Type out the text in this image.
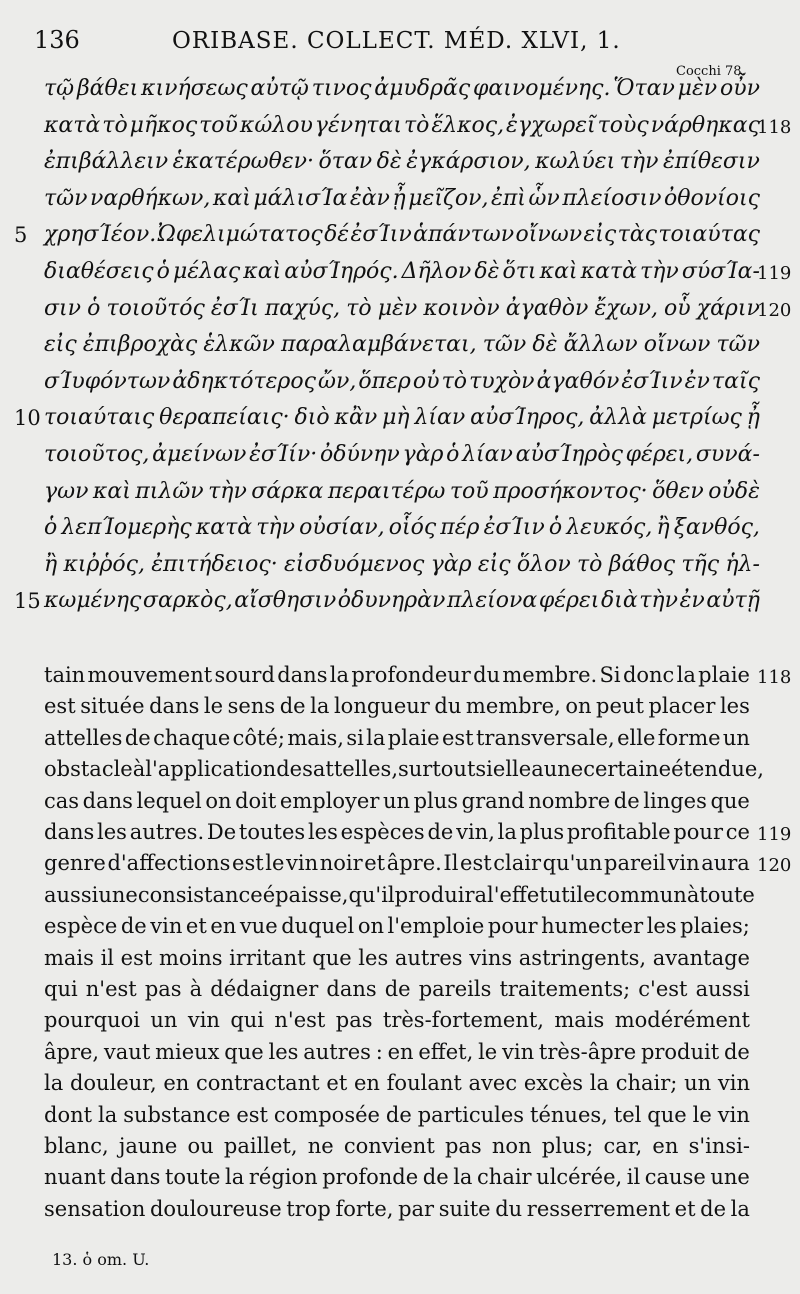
136	ORIBASE. COLLECT. MÉD. XLVI, 1.
Cocchi 78.
τῷ βάθει κινήσεως αὐτῷ τινος ἀμυδρᾶς φαινομένης. Ὅταν μὲν οὖν
κατὰ τὸ μῆκος τοῦ κώλου γένηται τὸ ἕλκος, ἐγχωρεῖ τοὺς νάρθηκας
118
ἐπιβάλλειν ἑκατέρωθεν· ὅταν δὲ ἐγκάρσιον, κωλύει τὴν ἐπίθεσιν
τῶν ναρθήκων, καὶ μάλισΊα ἐὰν ᾖ μεῖζον, ἐπὶ ὧν πλείοσιν ὀθονίοις
χρησΊέον. Ὠφελιμώτατος δέ ἐσΊιν ἁπάντων οἴνων εἰς τὰς τοιαύτας
5
διαθέσεις ὁ μέλας καὶ αὐσΊηρός. Δῆλον δὲ ὅτι καὶ κατὰ τὴν σύσΊα-
119
σιν ὁ τοιοῦτός ἐσΊι παχύς, τὸ μὲν κοινὸν ἀγαθὸν ἔχων, οὗ χάριν
120
εἰς ἐπιβροχὰς ἑλκῶν παραλαμβάνεται, τῶν δὲ ἄλλων οἴνων τῶν
σΊυφόντων ἀδηκτότερος ὤν, ὅπερ οὐ τὸ τυχὸν ἀγαθόν ἐσΊιν ἐν ταῖς
τοιαύταις θεραπείαις· διὸ κἂν μὴ λίαν αὐσΊηρος, ἀλλὰ μετρίως ᾖ
10
τοιοῦτος, ἀμείνων ἐσΊίν· ὀδύνην γὰρ ὁ λίαν αὐσΊηρὸς φέρει, συνά-
γων καὶ πιλῶν τὴν σάρκα περαιτέρω τοῦ προσήκοντος· ὅθεν οὐδὲ
ὁ λεπΊομερὴς κατὰ τὴν οὐσίαν, οἷός πέρ ἐσΊιν ὁ λευκός, ἢ ξανθός,
ἢ κιῤῥός, ἐπιτήδειος· εἰσδυόμενος γὰρ εἰς ὅλον τὸ βάθος τῆς ἡλ-
κωμένης σαρκὸς, αἴσθησιν ὀδυνηρὰν πλείονα φέρει διὰ τὴν ἐν αὐτῇ
15
tain mouvement sourd dans la profondeur du membre. Si donc la plaie 118
est située dans le sens de la longueur du membre, on peut placer les
attelles de chaque côté; mais, si la plaie est transversale, elle forme un
obstacle à l'application des attelles, surtout si elle a une certaine étendue,
cas dans lequel on doit employer un plus grand nombre de linges que
dans les autres. De toutes les espèces de vin, la plus profitable pour ce 119
genre d'affections est le vin noir et âpre. Il est clair qu'un pareil vin aura 120
aussi une consistance épaisse, qu'il produira l'effet utile commun à toute
espèce de vin et en vue duquel on l'emploie pour humecter les plaies;
mais il est moins irritant que les autres vins astringents, avantage
qui n'est pas à dédaigner dans de pareils traitements; c'est aussi
pourquoi un vin qui n'est pas très-fortement, mais modérément
âpre, vaut mieux que les autres : en effet, le vin très-âpre produit de
la douleur, en contractant et en foulant avec excès la chair; un vin
dont la substance est composée de particules ténues, tel que le vin
blanc, jaune ou paillet, ne convient pas non plus; car, en s'insi-
nuant dans toute la région profonde de la chair ulcérée, il cause une
sensation douloureuse trop forte, par suite du resserrement et de la
13. ὁ om. U.
